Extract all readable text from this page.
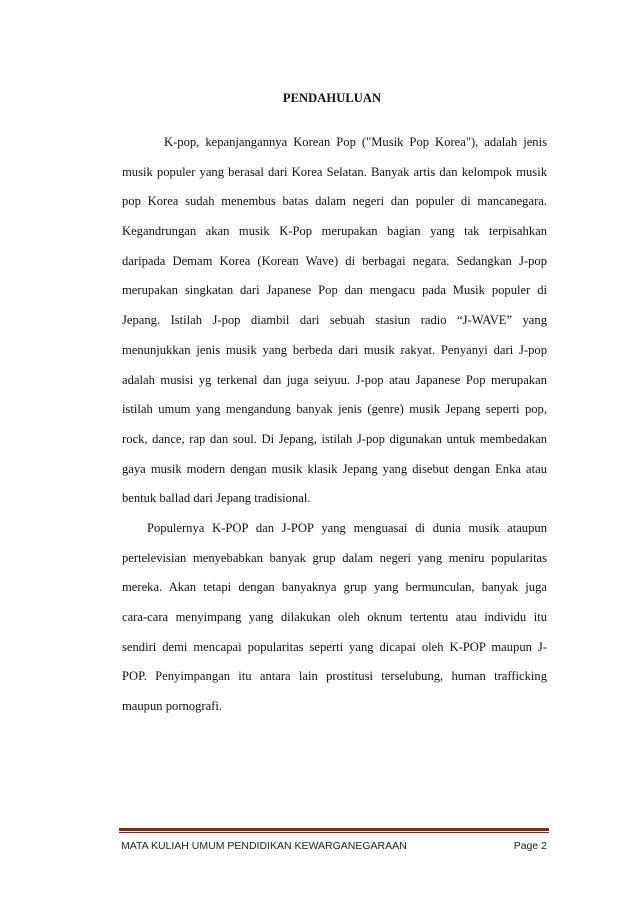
PENDAHULUAN
K-pop, kepanjangannya Korean Pop ("Musik Pop Korea"), adalah jenis
musik populer yang berasal dari Korea Selatan. Banyak artis dan kelompok musik
pop Korea sudah menembus batas dalam negeri dan populer di mancanegara.
Kegandrungan akan musik K-Pop merupakan bagian yang tak terpisahkan
daripada Demam Korea (Korean Wave) di berbagai negara. Sedangkan J-pop
merupakan singkatan dari Japanese Pop dan mengacu pada Musik populer di
Jepang. Istilah J-pop diambil dari sebuah stasiun radio “J-WAVE” yang
menunjukkan jenis musik yang berbeda dari musik rakyat. Penyanyi dari J-pop
adalah musisi yg terkenal dan juga seiyuu. J-pop atau Japanese Pop merupakan
istilah umum yang mengandung banyak jenis (genre) musik Jepang seperti pop,
rock, dance, rap dan soul. Di Jepang, istilah J-pop digunakan untuk membedakan
gaya musik modern dengan musik klasik Jepang yang disebut dengan Enka atau
bentuk ballad dari Jepang tradisional.
Populernya K-POP dan J-POP yang menguasai di dunia musik ataupun
pertelevisian menyebabkan banyak grup dalam negeri yang meniru popularitas
mereka. Akan tetapi dengan banyaknya grup yang bermunculan, banyak juga
cara-cara menyimpang yang dilakukan oleh oknum tertentu atau individu itu
sendiri demi mencapai popularitas seperti yang dicapai oleh K-POP maupun J-
POP. Penyimpangan itu antara lain prostitusi terselubung, human trafficking
maupun pornografi.
MATA KULIAH UMUM PENDIDIKAN KEWARGANEGARAAN	Page 2
